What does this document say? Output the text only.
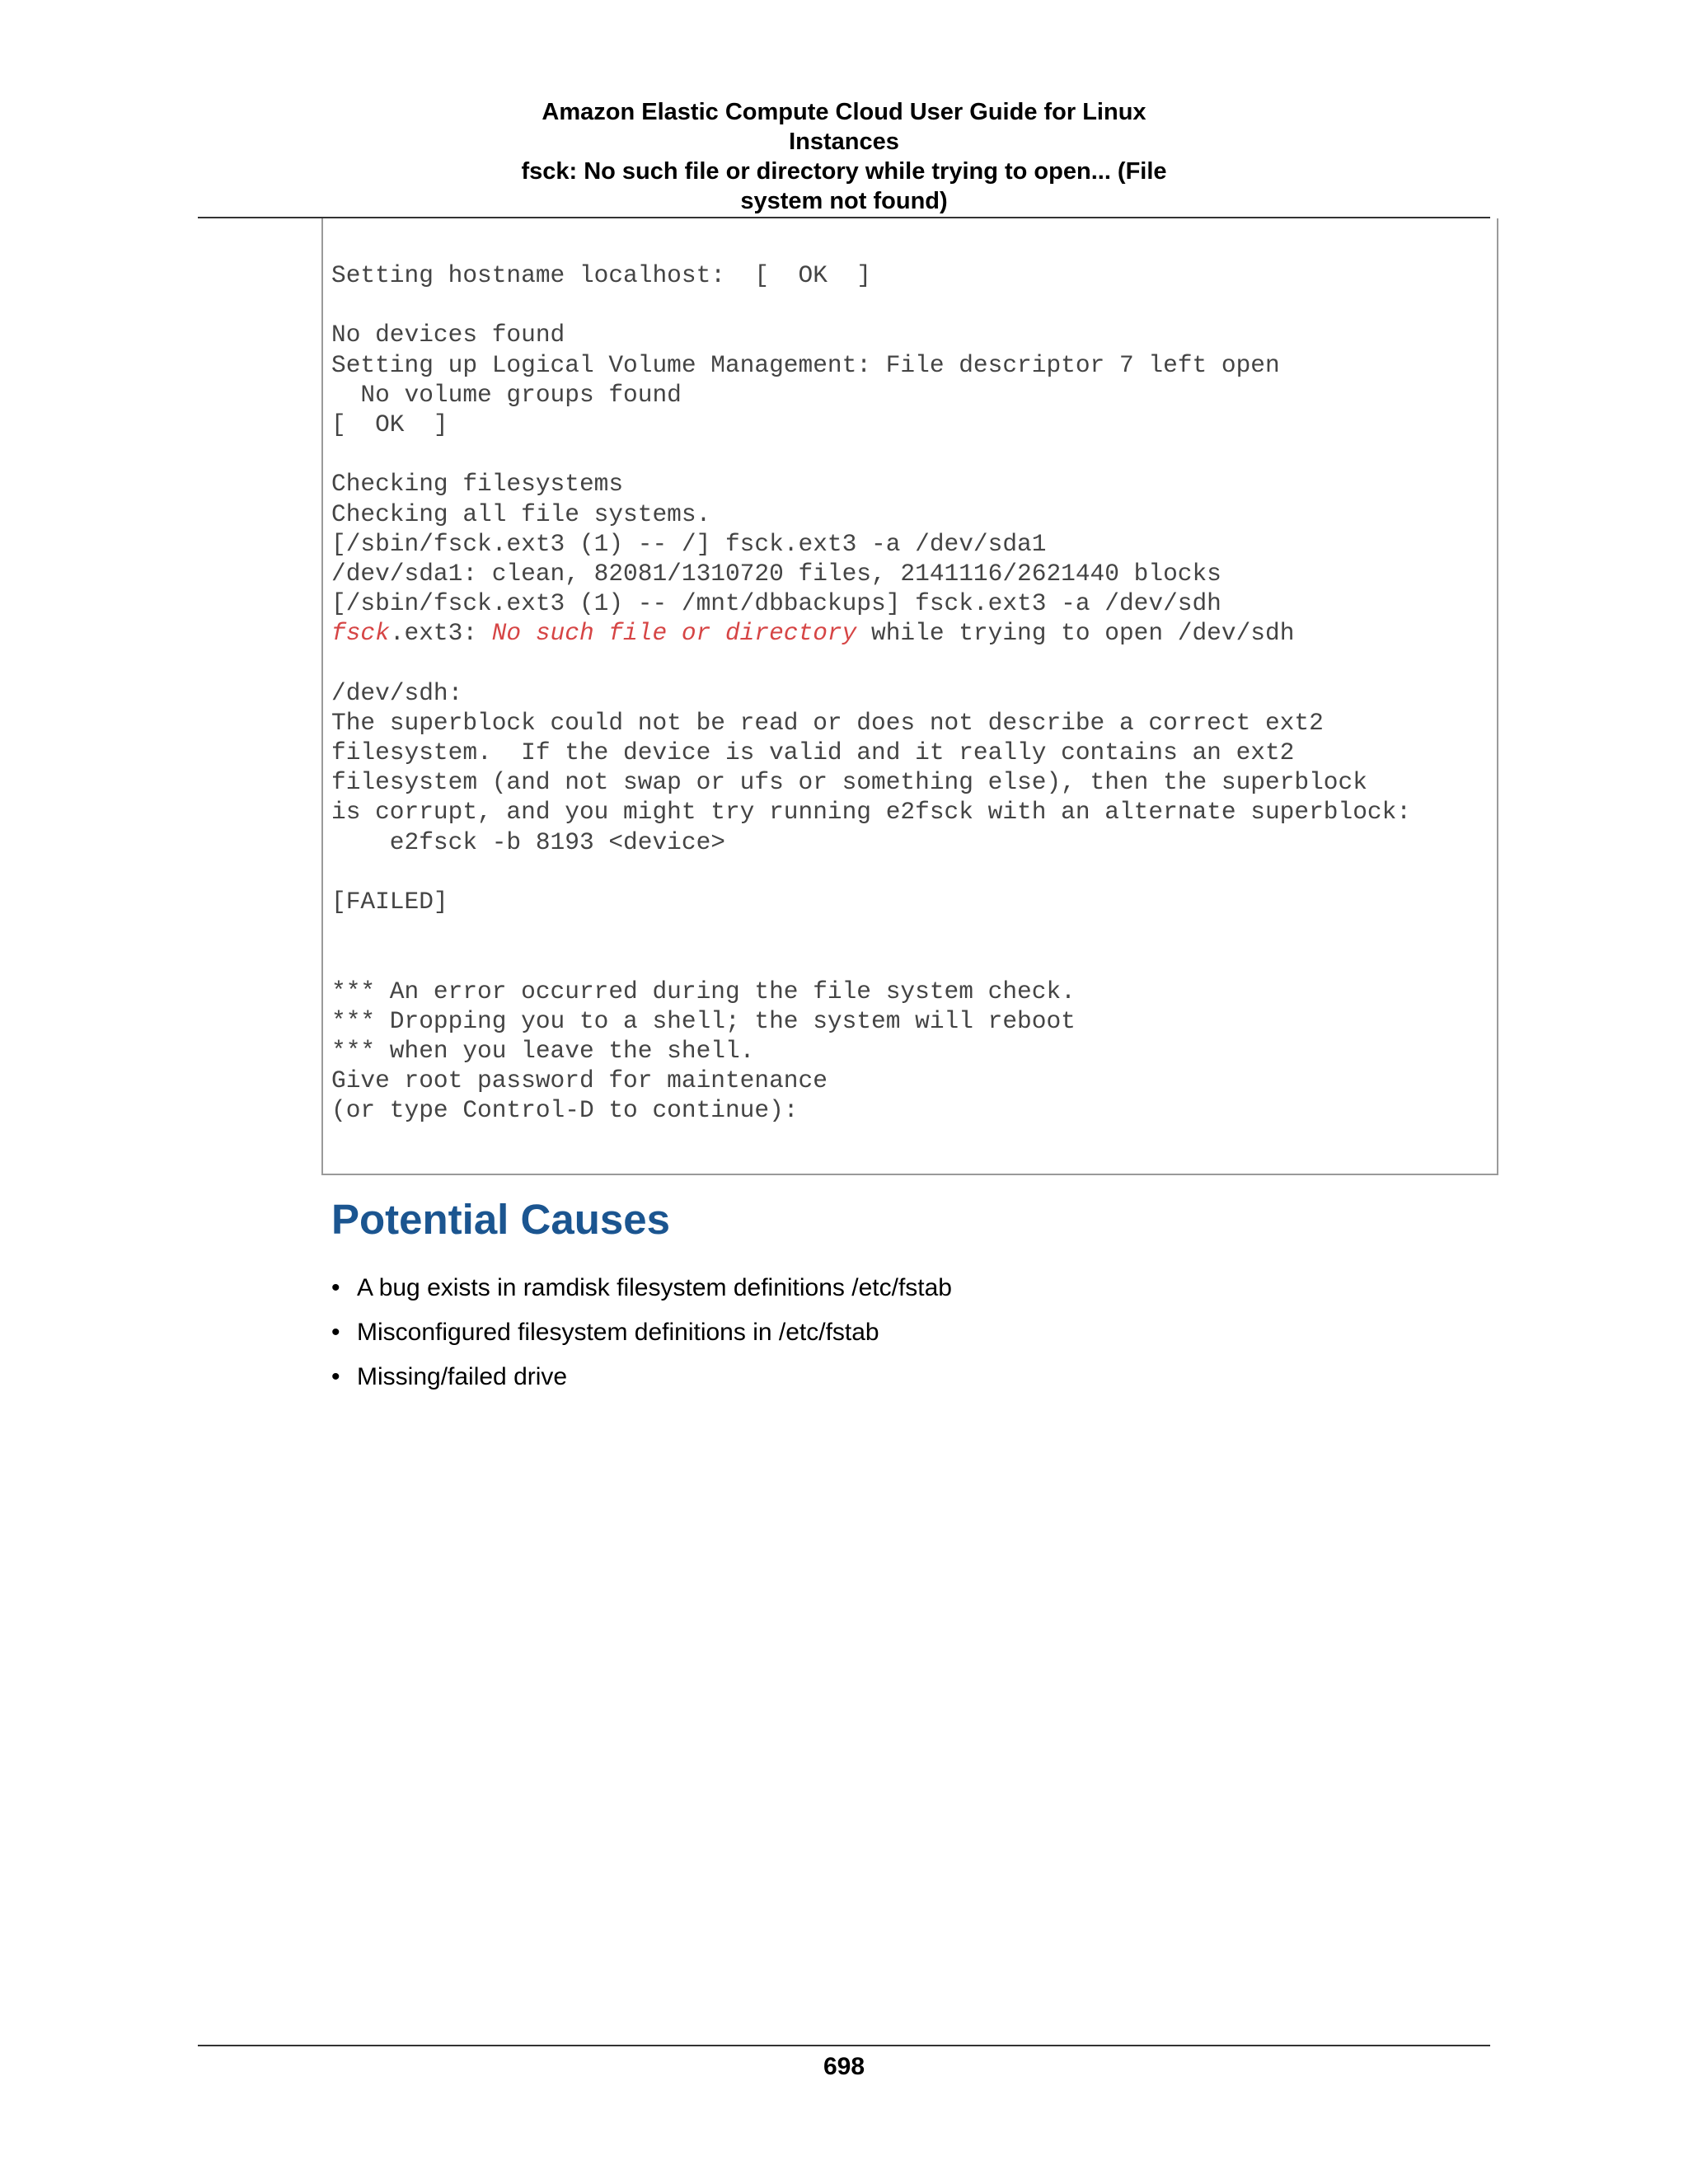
Amazon Elastic Compute Cloud User Guide for Linux
Instances
fsck: No such file or directory while trying to open... (File
system not found)
Setting hostname localhost:  [  OK  ]
No devices found
Setting up Logical Volume Management: File descriptor 7 left open
No volume groups found
[  OK  ]
Checking filesystems
Checking all file systems.
[/sbin/fsck.ext3 (1) -- /] fsck.ext3 -a /dev/sda1
/dev/sda1: clean, 82081/1310720 files, 2141116/2621440 blocks
[/sbin/fsck.ext3 (1) -- /mnt/dbbackups] fsck.ext3 -a /dev/sdh
fsck.ext3: No such file or directory while trying to open /dev/sdh
/dev/sdh:
The superblock could not be read or does not describe a correct ext2
filesystem.  If the device is valid and it really contains an ext2
filesystem (and not swap or ufs or something else), then the superblock
is corrupt, and you might try running e2fsck with an alternate superblock:
e2fsck -b 8193 <device>
[FAILED]
*** An error occurred during the file system check.
*** Dropping you to a shell; the system will reboot
*** when you leave the shell.
Give root password for maintenance
(or type Control-D to continue):
Potential Causes
• A bug exists in ramdisk filesystem definitions /etc/fstab
• Misconfigured filesystem definitions in /etc/fstab
• Missing/failed drive
698
